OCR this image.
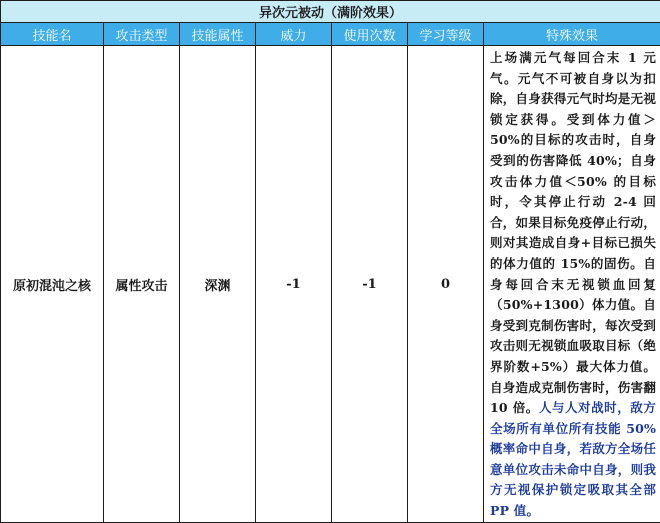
异次元被动（满阶效果）						
技能名	攻击类型	技能属性	威力	使用次数	学习等级	特殊效果
原初混沌之核	属性攻击	深渊	-1	-1	0	上场满元气每回合末 1 元气。元气不可被自身以为扣除，自身获得元气时均是无视锁定获得。受到体力值＞50%的目标的攻击时，自身受到的伤害降低 40%；自身攻击体力值＜50% 的目标时，令其停止行动 2-4 回合，如果目标免疫停止行动，则对其造成自身+目标已损失的体力值的 15%的固伤。自身每回合末无视锁血回复（50%+1300）体力值。自身受到克制伤害时，每次受到攻击则无视锁血吸取目标（绝界阶数+5%）最大体力值。自身造成克制伤害时，伤害翻 10 倍。人与人对战时，敌方全场所有单位所有技能 50%概率命中自身，若敌方全场任意单位攻击未命中自身，则我方无视保护锁定吸取其全部 PP 值。
